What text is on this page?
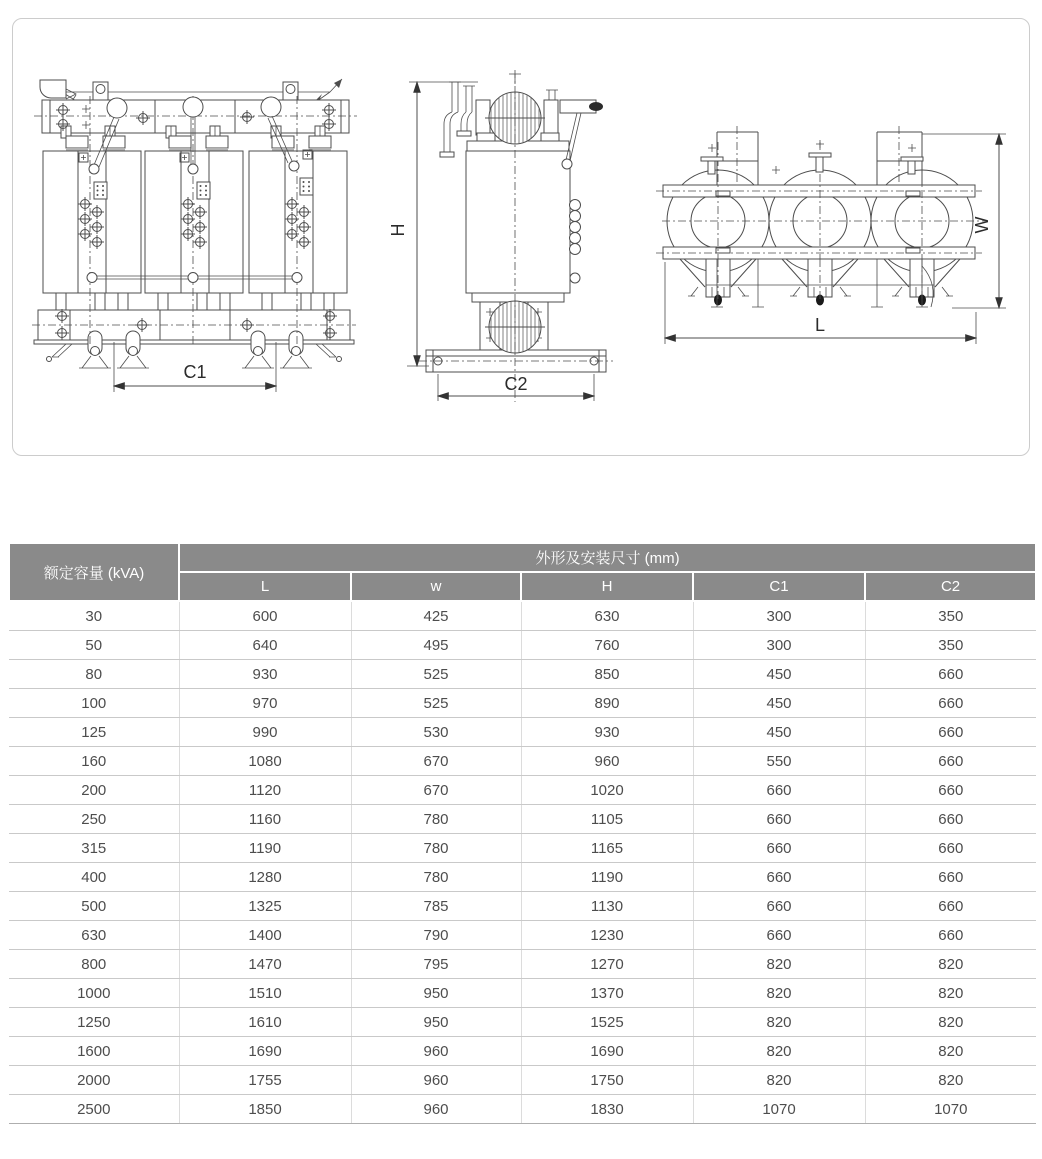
C1
H
C2
W
L
额定容量 (kVA)	外形及安装尺寸 (mm)				
	L	w	H	C1	C2
30	600	425	630	300	350
50	640	495	760	300	350
80	930	525	850	450	660
100	970	525	890	450	660
125	990	530	930	450	660
160	1080	670	960	550	660
200	1120	670	1020	660	660
250	1160	780	1105	660	660
315	1190	780	1165	660	660
400	1280	780	1190	660	660
500	1325	785	1130	660	660
630	1400	790	1230	660	660
800	1470	795	1270	820	820
1000	1510	950	1370	820	820
1250	1610	950	1525	820	820
1600	1690	960	1690	820	820
2000	1755	960	1750	820	820
2500	1850	960	1830	1070	1070
